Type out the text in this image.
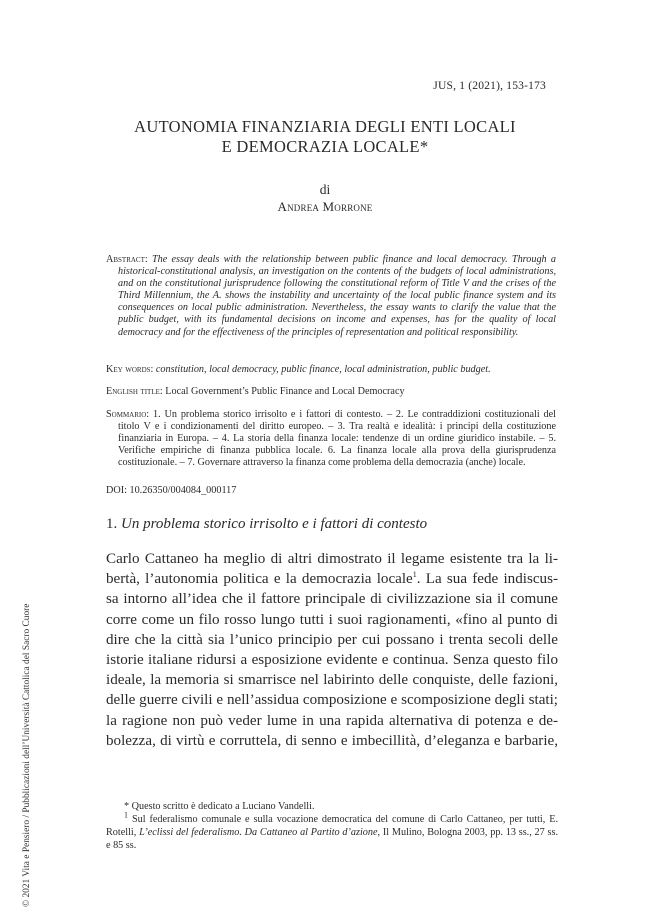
JUS, 1 (2021), 153-173
AUTONOMIA FINANZIARIA DEGLI ENTI LOCALI
E DEMOCRAZIA LOCALE*
di
Andrea Morrone
Abstract: The essay deals with the relationship between public finance and local democracy. Through a historical-constitutional analysis, an investigation on the contents of the budgets of local administrations, and on the constitutional jurisprudence following the constitutional reform of Title V and the crises of the Third Millennium, the A. shows the instability and uncertainty of the local public finance system and its consequences on local public administration. Nevertheless, the essay wants to clarify the value that the public budget, with its fundamental decisions on income and expenses, has for the quality of local democracy and for the effectiveness of the principles of representation and political responsibility.
Key words: constitution, local democracy, public finance, local administration, public budget.
English title: Local Government’s Public Finance and Local Democracy
Sommario: 1. Un problema storico irrisolto e i fattori di contesto. – 2. Le contraddizioni costituzionali del titolo V e i condizionamenti del diritto europeo. – 3. Tra realtà e idealità: i principi della costituzione finanziaria in Europa. – 4. La storia della finanza locale: tendenze di un ordine giuridico instabile. – 5. Verifiche empiriche di finanza pubblica locale. 6. La finanza locale alla prova della giurisprudenza costituzionale. – 7. Governare attraverso la finanza come problema della democrazia (anche) locale.
DOI: 10.26350/004084_000117
1. Un problema storico irrisolto e i fattori di contesto
Carlo Cattaneo ha meglio di altri dimostrato il legame esistente tra la li-
bertà, l’autonomia politica e la democrazia locale$^1$. La sua fede indiscus-
sa intorno all’idea che il fattore principale di civilizzazione sia il comune
corre come un filo rosso lungo tutti i suoi ragionamenti, «fino al punto di
dire che la città sia l’unico principio per cui possano i trenta secoli delle
istorie italiane ridursi a esposizione evidente e continua. Senza questo filo
ideale, la memoria si smarrisce nel labirinto delle conquiste, delle fazioni,
delle guerre civili e nell’assidua composizione e scomposizione degli stati;
la ragione non può veder lume in una rapida alternativa di potenza e de-
bolezza, di virtù e corruttela, di senno e imbecillità, d’eleganza e barbarie,
* Questo scritto è dedicato a Luciano Vandelli.
$^1$ Sul federalismo comunale e sulla vocazione democratica del comune di Carlo Cattaneo, per tutti, E. Rotelli, L’eclissi del federalismo. Da Cattaneo al Partito d’azione, Il Mulino, Bologna 2003, pp. 13 ss., 27 ss. e 85 ss.
© 2021 Vita e Pensiero / Pubblicazioni dell’Università Cattolica del Sacro Cuore
